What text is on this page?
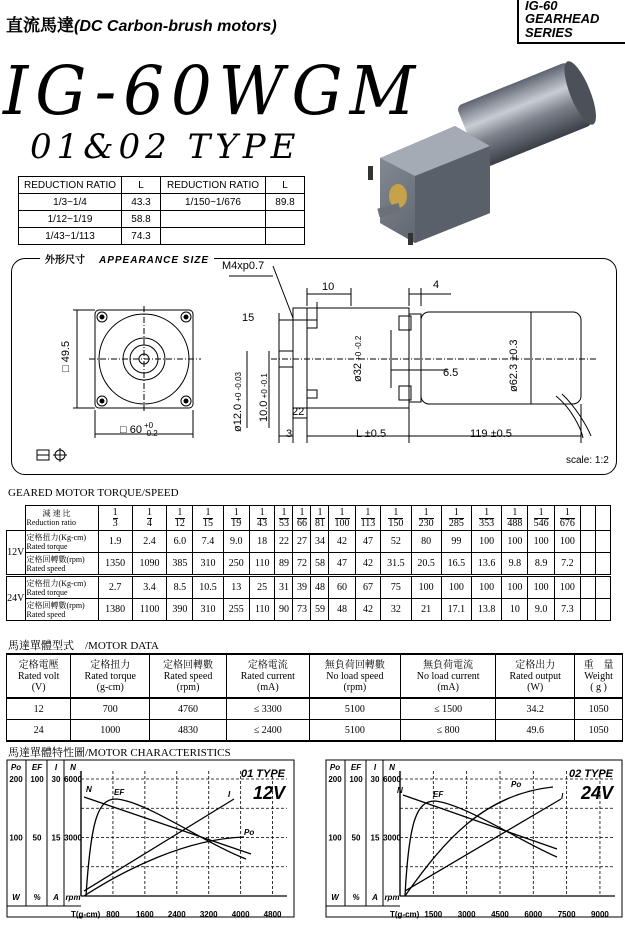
直流馬達(DC Carbon-brush motors)
IG-60
GEARHEAD
SERIES
IG-60WGM
01&02 TYPE
REDUCTION RATIO	L	REDUCTION RATIO	L
1/3~1/4	43.3	1/150~1/676	89.8
1/12~1/19	58.8		
1/43~1/113	74.3		
外形尺寸 APPEARANCE SIZE	M4xp0.7
10	4
15
□ 49.5
ø32 +0 -0.2
6.5	ø62.3 ±0.3
ø12.0 +0 -0.03
10.0 +0 -0.1
22
3	L ±0.5	119 ±0.5
□ 60 +0
-0.2
scale: 1:2
GEARED MOTOR TORQUE/SPEED

	減 速 比
Reduction ratio	$\frac{1}{3}$	$\frac{1}{4}$	$\frac{1}{12}$	$\frac{1}{15}$	$\frac{1}{19}$	$\frac{1}{43}$	$\frac{1}{53}$	$\frac{1}{66}$	$\frac{1}{81}$	$\frac{1}{100}$	$\frac{1}{113}$	$\frac{1}{150}$	$\frac{1}{230}$	$\frac{1}{285}$	$\frac{1}{353}$	$\frac{1}{488}$	$\frac{1}{546}$	$\frac{1}{676}$

12V	定格扭力(Kg-cm)
Rated torque	1.9	2.4	6.0	7.4	9.0	18	22	27	34	42	47	52	80	99	100	100	100	100		

	定格回轉數(rpm)
Rated speed	1350	1090	385	310	250	110	89	72	58	47	42	31.5	20.5	16.5	13.6	9.8	8.9	7.2		
24V	定格扭力(Kg-cm)
Rated torque	2.7	3.4	8.5	10.5	13	25	31	39	48	60	67	75	100	100	100	100	100	100		

	定格回轉數(rpm)
Rated speed	1380	1100	390	310	255	110	90	73	59	48	42	32	21	17.1	13.8	10	9.0	7.3		
馬達單體型式　/MOTOR DATA
定格電壓
Rated volt
(V)	定格扭力
Rated torque
(g-cm)	定格回轉數
Rated speed
(rpm)	定格電流
Rated current
(mA)	無負荷回轉數
No load speed
(rpm)	無負荷電流
No load current
(mA)	定格出力
Rated output
(W)	重　量
Weight
( g )

12	700	4760	≤ 3300	5100	≤ 1500	34.2	1050
24	1000	4830	≤ 2400	5100	≤ 800	49.6	1050
馬達單體特性圖/MOTOR CHARACTERISTICS
Po EF I N
200 100 30 6000
100 50 15 3000
W % A rpm
T(g-cm) 800 1600 2400 3200 4000 4800
N	EF	I
Po
01 TYPE
12V
Po EF I N
200 100 30 6000
100 50 15 3000
W % A rpm
T(g-cm) 1500 3000 4500 6000 7500 9000
N	EF	I
Po
02 TYPE
24V
